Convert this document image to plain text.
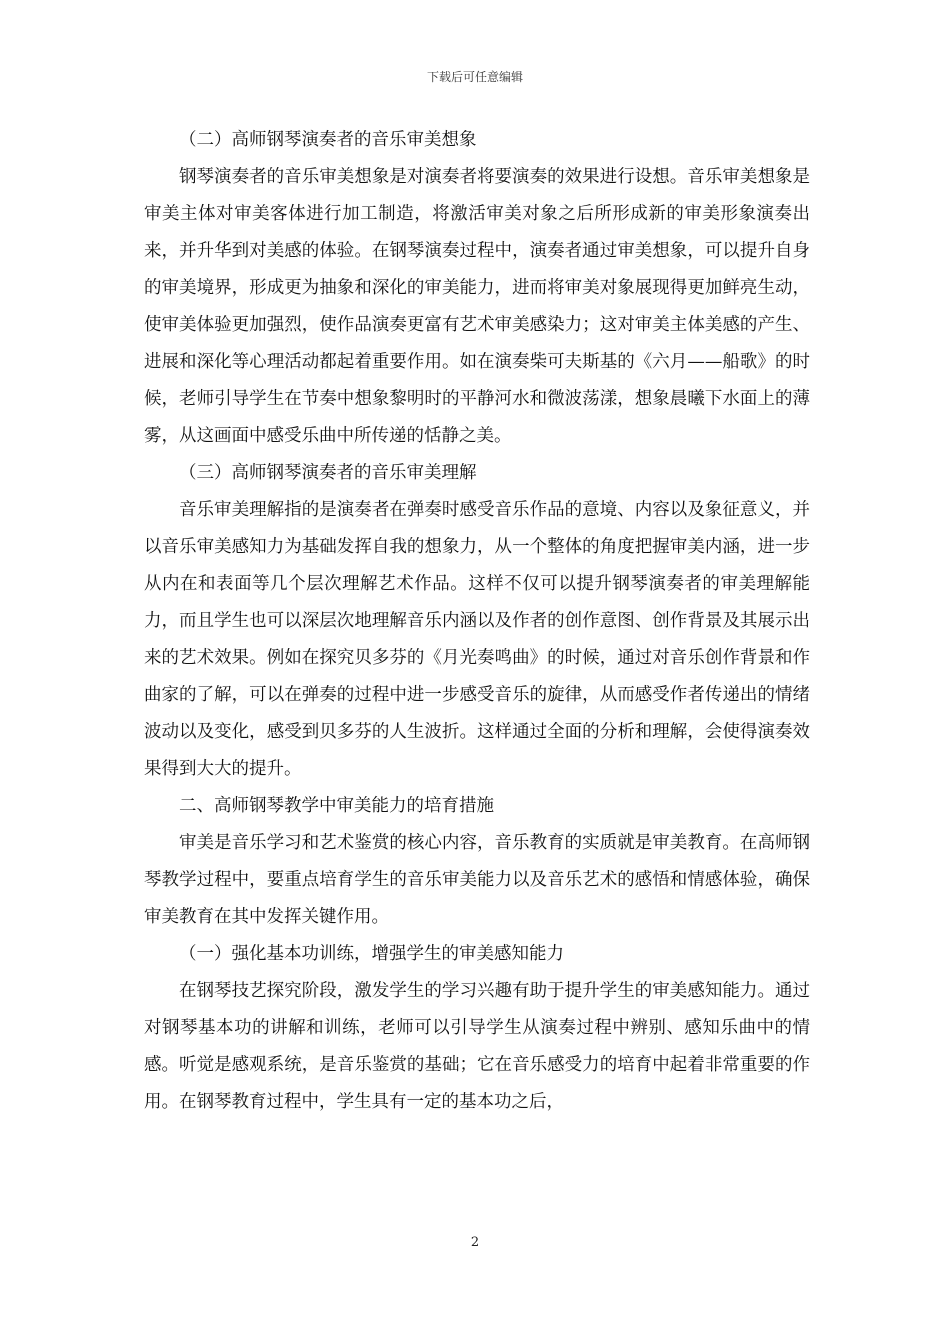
下载后可任意编辑

（二）高师钢琴演奏者的音乐审美想象

钢琴演奏者的音乐审美想象是对演奏者将要演奏的效果进行设想。音乐审美想象是审美主体对审美客体进行加工制造，将激活审美对象之后所形成新的审美形象演奏出来，并升华到对美感的体验。在钢琴演奏过程中，演奏者通过审美想象，可以提升自身的审美境界，形成更为抽象和深化的审美能力，进而将审美对象展现得更加鲜亮生动，使审美体验更加强烈，使作品演奏更富有艺术审美感染力；这对审美主体美感的产生、进展和深化等心理活动都起着重要作用。如在演奏柴可夫斯基的《六月——船歌》的时候，老师引导学生在节奏中想象黎明时的平静河水和微波荡漾，想象晨曦下水面上的薄雾，从这画面中感受乐曲中所传递的恬静之美。

（三）高师钢琴演奏者的音乐审美理解

音乐审美理解指的是演奏者在弹奏时感受音乐作品的意境、内容以及象征意义，并以音乐审美感知力为基础发挥自我的想象力，从一个整体的角度把握审美内涵，进一步从内在和表面等几个层次理解艺术作品。这样不仅可以提升钢琴演奏者的审美理解能力，而且学生也可以深层次地理解音乐内涵以及作者的创作意图、创作背景及其展示出来的艺术效果。例如在探究贝多芬的《月光奏鸣曲》的时候，通过对音乐创作背景和作曲家的了解，可以在弹奏的过程中进一步感受音乐的旋律，从而感受作者传递出的情绪波动以及变化，感受到贝多芬的人生波折。这样通过全面的分析和理解，会使得演奏效果得到大大的提升。

二、高师钢琴教学中审美能力的培育措施

审美是音乐学习和艺术鉴赏的核心内容，音乐教育的实质就是审美教育。在高师钢琴教学过程中，要重点培育学生的音乐审美能力以及音乐艺术的感悟和情感体验，确保审美教育在其中发挥关键作用。

（一）强化基本功训练，增强学生的审美感知能力

在钢琴技艺探究阶段，激发学生的学习兴趣有助于提升学生的审美感知能力。通过对钢琴基本功的讲解和训练，老师可以引导学生从演奏过程中辨别、感知乐曲中的情感。听觉是感观系统，是音乐鉴赏的基础；它在音乐感受力的培育中起着非常重要的作用。在钢琴教育过程中，学生具有一定的基本功之后，

2
